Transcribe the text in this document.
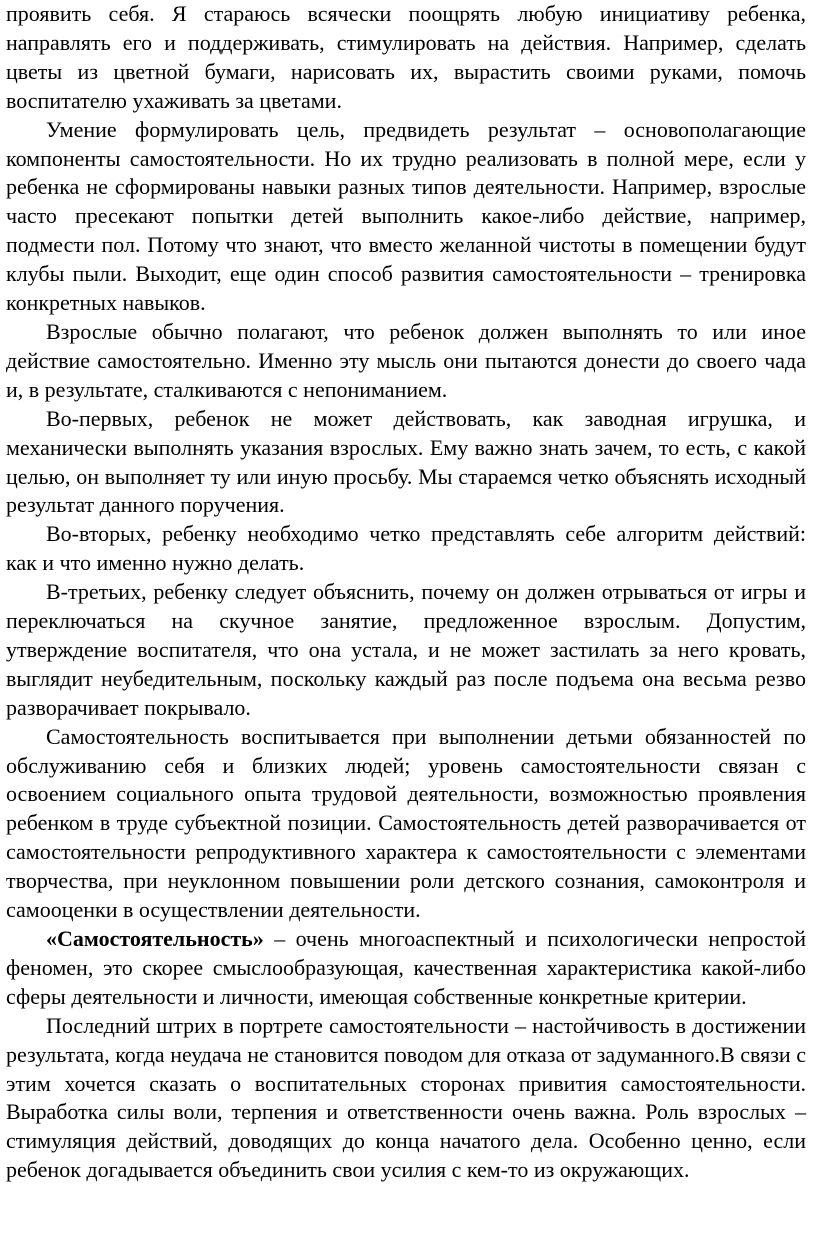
проявить себя. Я стараюсь всячески поощрять любую инициативу ребенка, направлять его и поддерживать, стимулировать на действия. Например, сделать цветы из цветной бумаги, нарисовать их, вырастить своими руками, помочь воспитателю ухаживать за цветами.

Умение формулировать цель, предвидеть результат – основополагающие компоненты самостоятельности. Но их трудно реализовать в полной мере, если у ребенка не сформированы навыки разных типов деятельности. Например, взрослые часто пресекают попытки детей выполнить какое-либо действие, например, подмести пол. Потому что знают, что вместо желанной чистоты в помещении будут клубы пыли. Выходит, еще один способ развития самостоятельности – тренировка конкретных навыков.

Взрослые обычно полагают, что ребенок должен выполнять то или иное действие самостоятельно. Именно эту мысль они пытаются донести до своего чада и, в результате, сталкиваются с непониманием.

Во-первых, ребенок не может действовать, как заводная игрушка, и механически выполнять указания взрослых. Ему важно знать зачем, то есть, с какой целью, он выполняет ту или иную просьбу. Мы стараемся четко объяснять исходный результат данного поручения.

Во-вторых, ребенку необходимо четко представлять себе алгоритм действий: как и что именно нужно делать.

В-третьих, ребенку следует объяснить, почему он должен отрываться от игры и переключаться на скучное занятие, предложенное взрослым. Допустим, утверждение воспитателя, что она устала, и не может застилать за него кровать, выглядит неубедительным, поскольку каждый раз после подъема она весьма резво разворачивает покрывало.

Самостоятельность воспитывается при выполнении детьми обязанностей по обслуживанию себя и близких людей; уровень самостоятельности связан с освоением социального опыта трудовой деятельности, возможностью проявления ребенком в труде субъектной позиции. Самостоятельность детей разворачивается от самостоятельности репродуктивного характера к самостоятельности с элементами творчества, при неуклонном повышении роли детского сознания, самоконтроля и самооценки в осуществлении деятельности.

«Самостоятельность» – очень многоаспектный и психологически непростой феномен, это скорее смыслообразующая, качественная характеристика какой-либо сферы деятельности и личности, имеющая собственные конкретные критерии.

Последний штрих в портрете самостоятельности – настойчивость в достижении результата, когда неудача не становится поводом для отказа от задуманного.В связи с этим хочется сказать о воспитательных сторонах привития самостоятельности. Выработка силы воли, терпения и ответственности очень важна. Роль взрослых – стимуляция действий, доводящих до конца начатого дела. Особенно ценно, если ребенок догадывается объединить свои усилия с кем-то из окружающих.
